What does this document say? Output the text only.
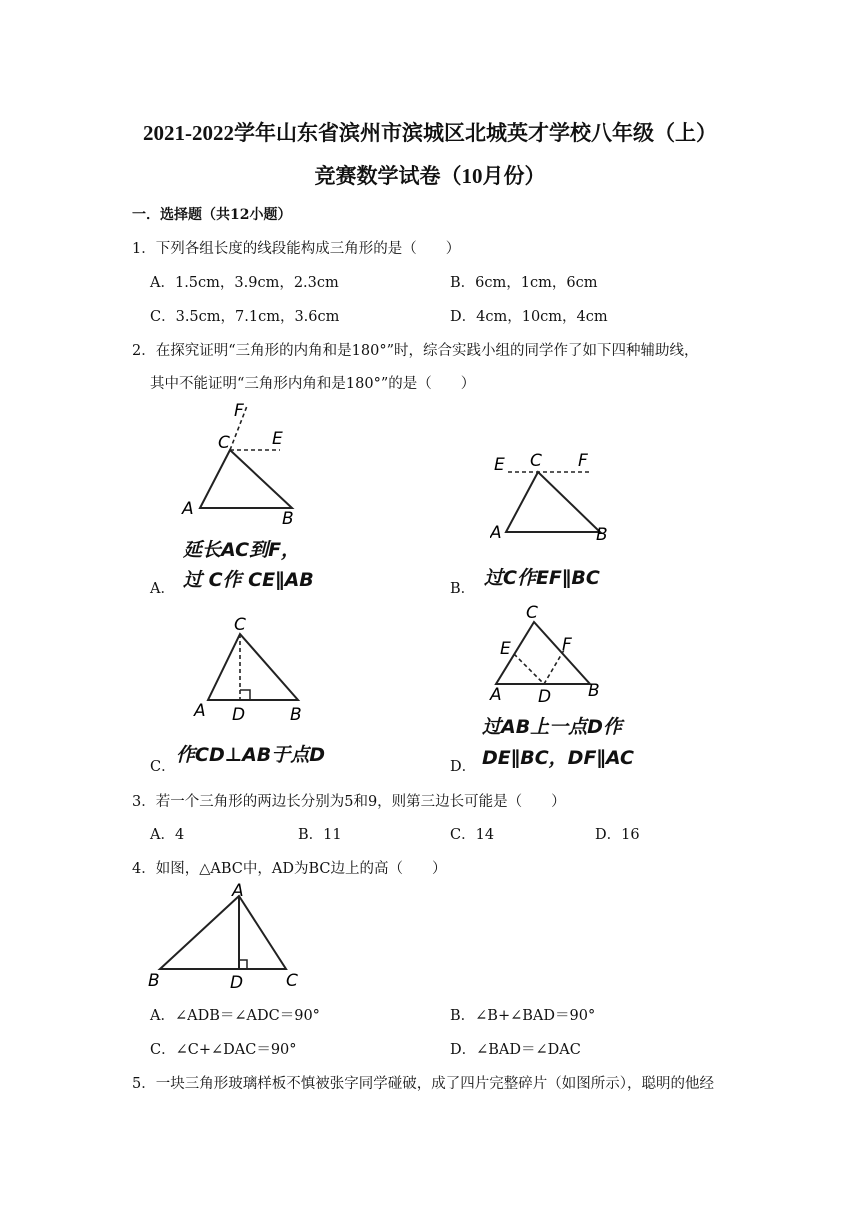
2021-2022学年山东省滨州市滨城区北城英才学校八年级（上）
竞赛数学试卷（10月份）
一．选择题（共12小题）
1．下列各组长度的线段能构成三角形的是（　　）
A．1.5cm，3.9cm，2.3cm	B．6cm，1cm，6cm
C．3.5cm，7.1cm，3.6cm	D．4cm，10cm，4cm
2．在探究证明“三角形的内角和是180°”时，综合实践小组的同学作了如下四种辅助线，
其中不能证明“三角形内角和是180°”的是（　　）
F
C E
A	B
延长AC到F，
A． 过 C作 CE∥AB
E C F
A	B
B． 过C作EF∥BC
C
A D	B
C．
作CD⊥AB于点D
C
E	F
A D B
过AB上一点D作
D． DE∥BC，DF∥AC
3．若一个三角形的两边长分别为5和9，则第三边长可能是（　　）
A．4	B．11	C．14	D．16
4．如图，△ABC中，AD为BC边上的高（　　）
A
B	D	C
A．∠ADB＝∠ADC＝90°	B．∠B+∠BAD＝90°
C．∠C+∠DAC＝90°	D．∠BAD＝∠DAC
5．一块三角形玻璃样板不慎被张字同学碰破，成了四片完整碎片（如图所示），聪明的他经
